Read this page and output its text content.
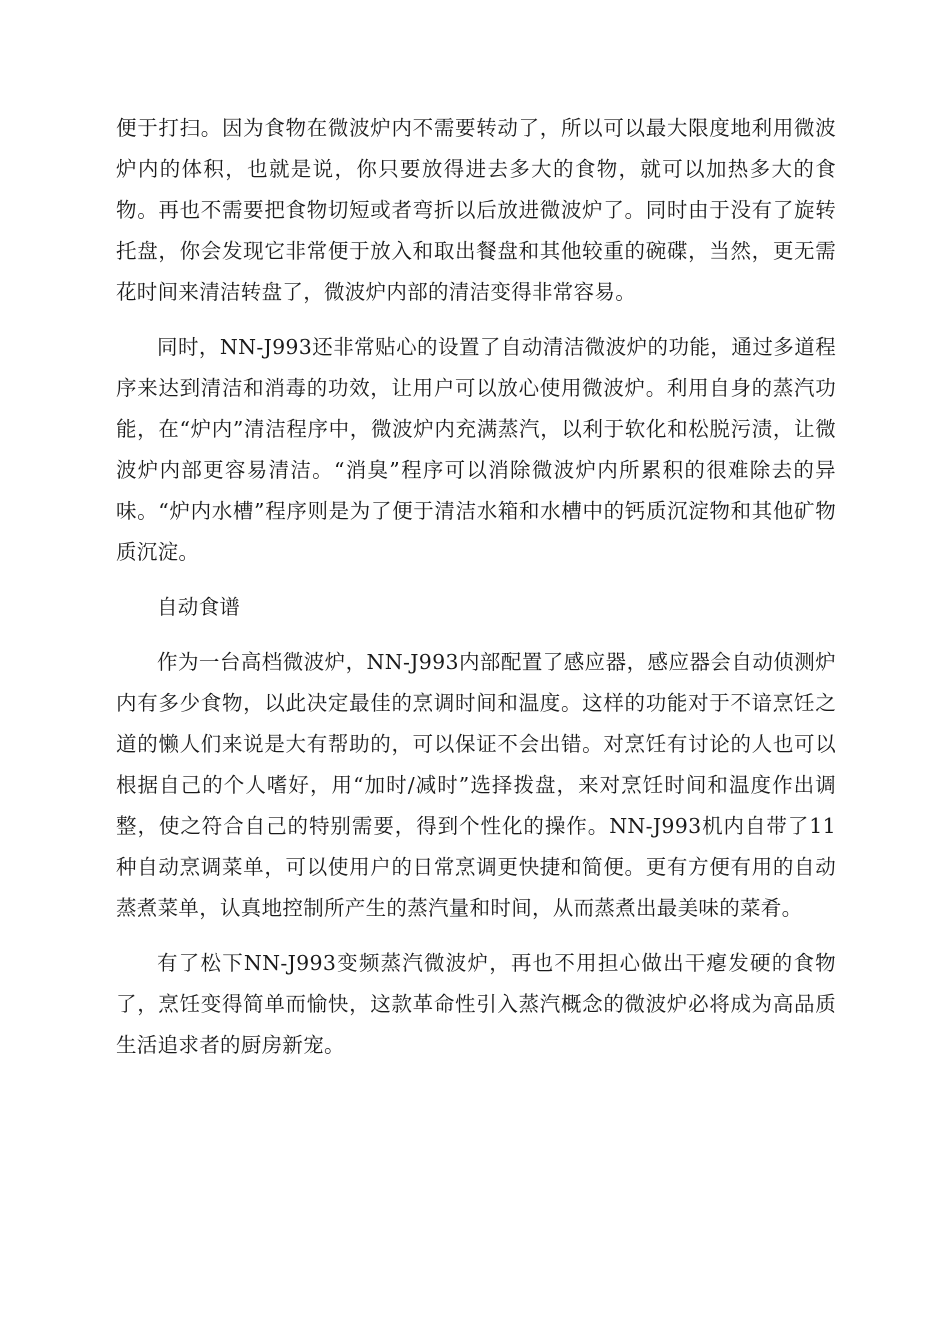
便于打扫。因为食物在微波炉内不需要转动了，所以可以最大限度地利用微波炉内的体积，也就是说，你只要放得进去多大的食物，就可以加热多大的食物。再也不需要把食物切短或者弯折以后放进微波炉了。同时由于没有了旋转托盘，你会发现它非常便于放入和取出餐盘和其他较重的碗碟，当然，更无需花时间来清洁转盘了，微波炉内部的清洁变得非常容易。

同时，NN-J993还非常贴心的设置了自动清洁微波炉的功能，通过多道程序来达到清洁和消毒的功效，让用户可以放心使用微波炉。利用自身的蒸汽功能，在“炉内”清洁程序中，微波炉内充满蒸汽，以利于软化和松脱污渍，让微波炉内部更容易清洁。“消臭”程序可以消除微波炉内所累积的很难除去的异味。“炉内水槽”程序则是为了便于清洁水箱和水槽中的钙质沉淀物和其他矿物质沉淀。

自动食谱

作为一台高档微波炉，NN-J993内部配置了感应器，感应器会自动侦测炉内有多少食物，以此决定最佳的烹调时间和温度。这样的功能对于不谙烹饪之道的懒人们来说是大有帮助的，可以保证不会出错。对烹饪有讨论的人也可以根据自己的个人嗜好，用“加时/减时”选择拨盘，来对烹饪时间和温度作出调整，使之符合自己的特别需要，得到个性化的操作。NN-J993机内自带了11种自动烹调菜单，可以使用户的日常烹调更快捷和简便。更有方便有用的自动蒸煮菜单，认真地控制所产生的蒸汽量和时间，从而蒸煮出最美味的菜肴。

有了松下NN-J993变频蒸汽微波炉，再也不用担心做出干瘪发硬的食物了，烹饪变得简单而愉快，这款革命性引入蒸汽概念的微波炉必将成为高品质生活追求者的厨房新宠。
